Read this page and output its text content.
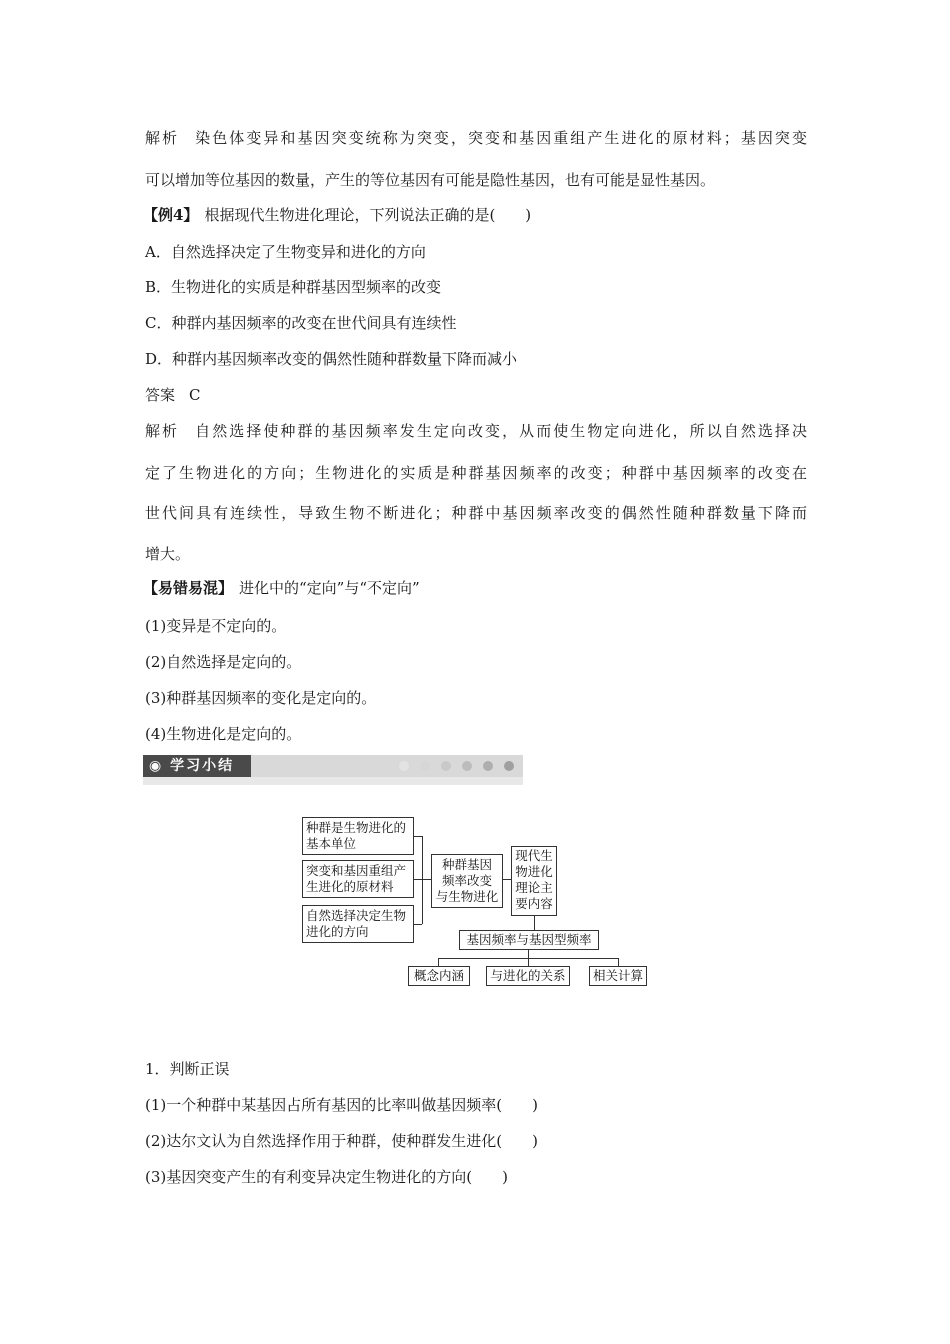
解析 染色体变异和基因突变统称为突变，突变和基因重组产生进化的原材料；基因突变
可以增加等位基因的数量，产生的等位基因有可能是隐性基因，也有可能是显性基因。
【例4】 根据现代生物进化理论，下列说法正确的是(　　)
A．自然选择决定了生物变异和进化的方向
B．生物进化的实质是种群基因型频率的改变
C．种群内基因频率的改变在世代间具有连续性
D．种群内基因频率改变的偶然性随种群数量下降而减小
答案 C
解析 自然选择使种群的基因频率发生定向改变，从而使生物定向进化，所以自然选择决
定了生物进化的方向；生物进化的实质是种群基因频率的改变；种群中基因频率的改变在
世代间具有连续性，导致生物不断进化；种群中基因频率改变的偶然性随种群数量下降而
增大。
【易错易混】 进化中的“定向”与“不定向”
(1)变异是不定向的。
(2)自然选择是定向的。
(3)种群基因频率的变化是定向的。
(4)生物进化是定向的。
◉ 学习小结
种群是生物进化的
基本单位
突变和基因重组产
生进化的原材料
自然选择决定生物
进化的方向
种群基因
频率改变
与生物进化
现代生
物进化
理论主
要内容
基因频率与基因型频率
概念内涵	与进化的关系	相关计算
1．判断正误
(1)一个种群中某基因占所有基因的比率叫做基因频率(　　)
(2)达尔文认为自然选择作用于种群，使种群发生进化(　　)
(3)基因突变产生的有利变异决定生物进化的方向(　　)
